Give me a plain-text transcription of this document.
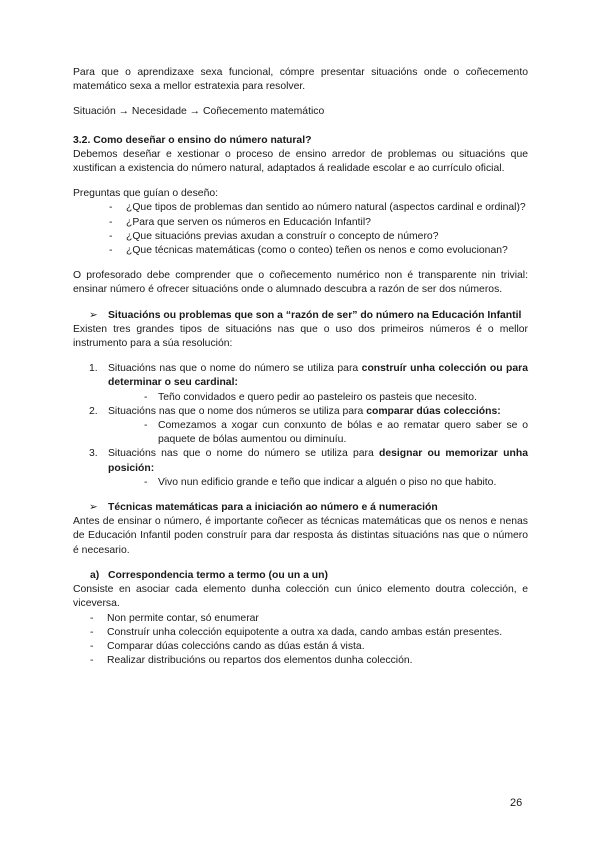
Para que o aprendizaxe sexa funcional, cómpre presentar situacións onde o coñecemento matemático sexa a mellor estratexia para resolver.

Situación → Necesidade → Coñecemento matemático

3.2. Como deseñar o ensino do número natural?

Debemos deseñar e xestionar o proceso de ensino arredor de problemas ou situacións que xustifican a existencia do número natural, adaptados á realidade escolar e ao currículo oficial.

Preguntas que guían o deseño:

- ¿Que tipos de problemas dan sentido ao número natural (aspectos cardinal e ordinal)?
- ¿Para que serven os números en Educación Infantil?
- ¿Que situacións previas axudan a construír o concepto de número?
- ¿Que técnicas matemáticas (como o conteo) teñen os nenos e como evolucionan?

O profesorado debe comprender que o coñecemento numérico non é transparente nin trivial: ensinar número é ofrecer situacións onde o alumnado descubra a razón de ser dos números.

➢ Situacións ou problemas que son a “razón de ser” do número na Educación Infantil

Existen tres grandes tipos de situacións nas que o uso dos primeiros números é o mellor instrumento para a súa resolución:

1. Situacións nas que o nome do número se utiliza para construír unha colección ou para determinar o seu cardinal:
- Teño convidados e quero pedir ao pasteleiro os pasteis que necesito.
2. Situacións nas que o nome dos números se utiliza para comparar dúas coleccións:
- Comezamos a xogar cun conxunto de bólas e ao rematar quero saber se o paquete de bólas aumentou ou diminuíu.
3. Situacións nas que o nome do número se utiliza para designar ou memorizar unha posición:
- Vivo nun edificio grande e teño que indicar a alguén o piso no que habito.
➢ Técnicas matemáticas para a iniciación ao número e á numeración

Antes de ensinar o número, é importante coñecer as técnicas matemáticas que os nenos e nenas de Educación Infantil poden construír para dar resposta ás distintas situacións nas que o número é necesario.

a) Correspondencia termo a termo (ou un a un)

Consiste en asociar cada elemento dunha colección cun único elemento doutra colección, e viceversa.

- Non permite contar, só enumerar
- Construír unha colección equipotente a outra xa dada, cando ambas están presentes.
- Comparar dúas coleccións cando as dúas están á vista.
- Realizar distribucións ou repartos dos elementos dunha colección.
26
